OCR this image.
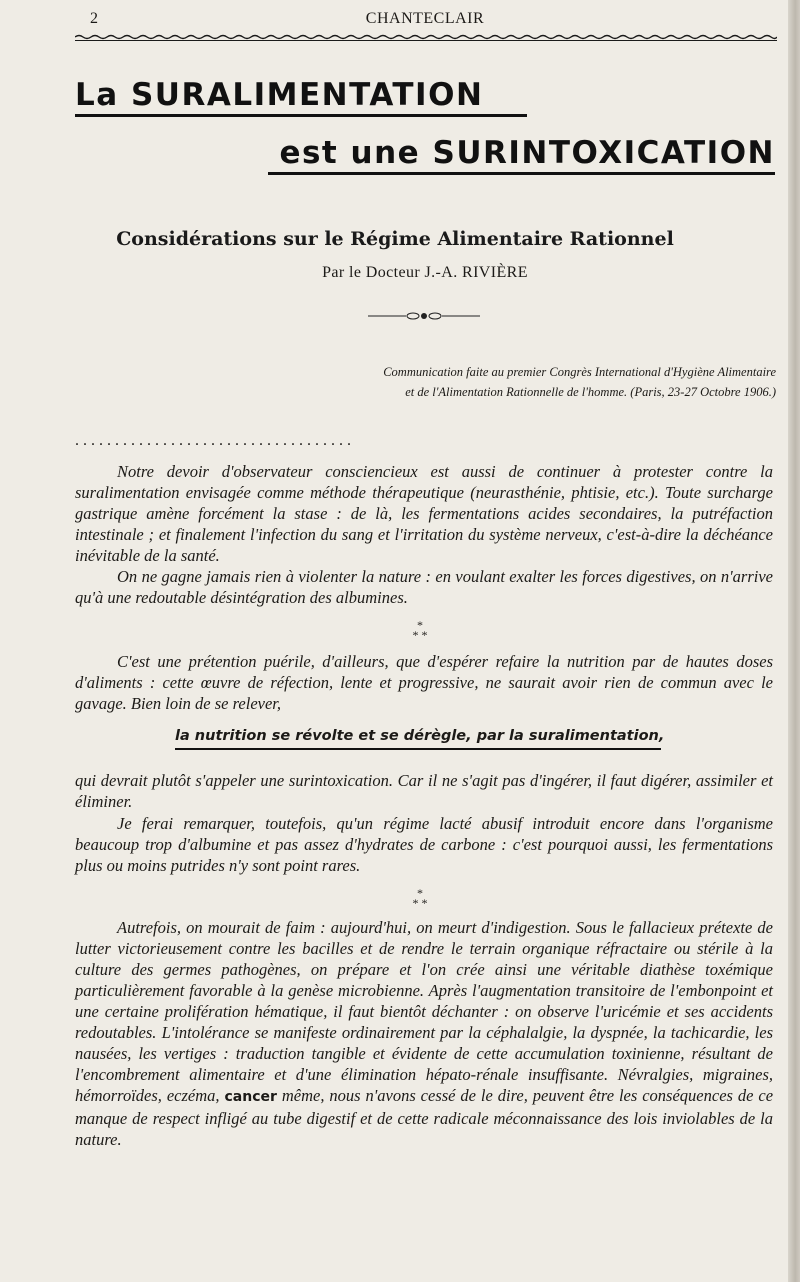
2	CHANTECLAIR
La SURALIMENTATION
est une SURINTOXICATION
Considérations sur le Régime Alimentaire Rationnel
Par le Docteur J.-A. RIVIÈRE
Communication faite au premier Congrès International d'Hygiène Alimentaire
et de l'Alimentation Rationnelle de l'homme. (Paris, 23-27 Octobre 1906.)
. . . . . . . . . . . . . . . . . . . . . . . . . . . . . . . . . . .

Notre devoir d'observateur consciencieux est aussi de continuer à protester contre la suralimentation envisagée comme méthode thérapeutique (neurasthénie, phtisie, etc.). Toute surcharge gastrique amène forcément la stase : de là, les fermentations acides secondaires, la putréfaction intestinale ; et finalement l'infection du sang et l'irritation du système nerveux, c'est-à-dire la déchéance inévitable de la santé.

On ne gagne jamais rien à violenter la nature : en voulant exalter les forces digestives, on n'arrive qu'à une redoutable désintégration des albumines.

*
* *

C'est une prétention puérile, d'ailleurs, que d'espérer refaire la nutrition par de hautes doses d'aliments : cette œuvre de réfection, lente et progressive, ne saurait avoir rien de commun avec le gavage. Bien loin de se relever,

la nutrition se révolte et se dérègle, par la suralimentation,

qui devrait plutôt s'appeler une surintoxication. Car il ne s'agit pas d'ingérer, il faut digérer, assimiler et éliminer.

Je ferai remarquer, toutefois, qu'un régime lacté abusif introduit encore dans l'organisme beaucoup trop d'albumine et pas assez d'hydrates de carbone : c'est pourquoi aussi, les fermentations plus ou moins putrides n'y sont point rares.

*
* *

Autrefois, on mourait de faim : aujourd'hui, on meurt d'indigestion. Sous le fallacieux prétexte de lutter victorieusement contre les bacilles et de rendre le terrain organique réfractaire ou stérile à la culture des germes pathogènes, on prépare et l'on crée ainsi une véritable diathèse toxémique particulièrement favorable à la genèse microbienne. Après l'augmentation transitoire de l'embonpoint et une certaine prolifération hématique, il faut bientôt déchanter : on observe l'uricémie et ses accidents redoutables. L'intolérance se manifeste ordinairement par la céphalalgie, la dyspnée, la tachicardie, les nausées, les vertiges : traduction tangible et évidente de cette accumulation toxinienne, résultant de l'encombrement alimentaire et d'une élimination hépato-rénale insuffisante. Névralgies, migraines, hémorroïdes, eczéma, cancer même, nous n'avons cessé de le dire, peuvent être les conséquences de ce manque de respect infligé au tube digestif et de cette radicale méconnaissance des lois inviolables de la nature.
